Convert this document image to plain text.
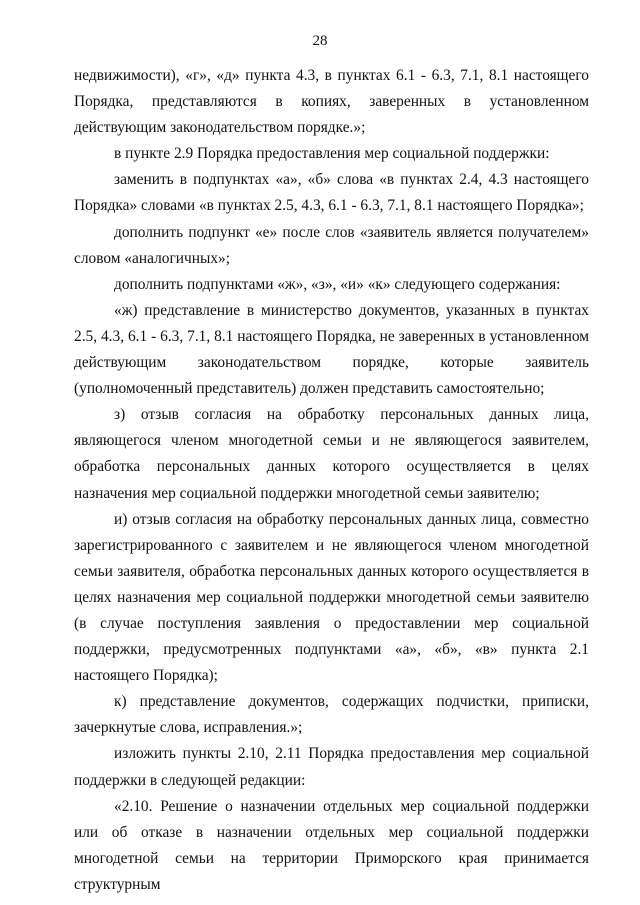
28

недвижимости), «г», «д» пункта 4.3, в пунктах 6.1 - 6.3, 7.1, 8.1 настоящего Порядка, представляются в копиях, заверенных в установленном действующим законодательством порядке.»;

в пункте 2.9 Порядка предоставления мер социальной поддержки:

заменить в подпунктах «а», «б» слова «в пунктах 2.4, 4.3 настоящего Порядка» словами «в пунктах 2.5, 4.3, 6.1 - 6.3, 7.1, 8.1 настоящего Порядка»;

дополнить подпункт «е» после слов «заявитель является получателем» словом «аналогичных»;

дополнить подпунктами «ж», «з», «и» «к» следующего содержания:

«ж) представление в министерство документов, указанных в пунктах 2.5, 4.3, 6.1 - 6.3, 7.1, 8.1 настоящего Порядка, не заверенных в установленном действующим законодательством порядке, которые заявитель (уполномоченный представитель) должен представить самостоятельно;

з) отзыв согласия на обработку персональных данных лица, являющегося членом многодетной семьи и не являющегося заявителем, обработка персональных данных которого осуществляется в целях назначения мер социальной поддержки многодетной семьи заявителю;

и) отзыв согласия на обработку персональных данных лица, совместно зарегистрированного с заявителем и не являющегося членом многодетной семьи заявителя, обработка персональных данных которого осуществляется в целях назначения мер социальной поддержки многодетной семьи заявителю (в случае поступления заявления о предоставлении мер социальной поддержки, предусмотренных подпунктами «а», «б», «в» пункта 2.1 настоящего Порядка);

к) представление документов, содержащих подчистки, приписки, зачеркнутые слова, исправления.»;

изложить пункты 2.10, 2.11 Порядка предоставления мер социальной поддержки в следующей редакции:

«2.10. Решение о назначении отдельных мер социальной поддержки или об отказе в назначении отдельных мер социальной поддержки многодетной семьи на территории Приморского края принимается структурным
